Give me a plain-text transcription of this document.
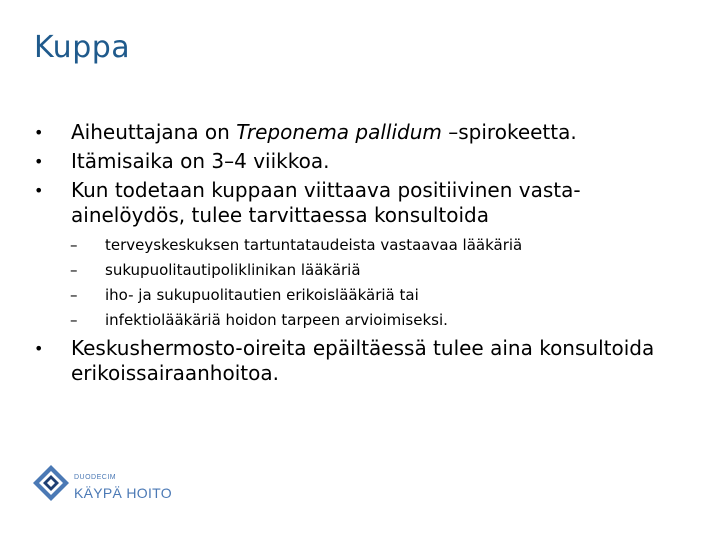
Kuppa
• Aiheuttajana on Treponema pallidum –spirokeetta.
• Itämisaika on 3–4 viikkoa.
• Kun todetaan kuppaan viittaava positiivinen vasta-ainelöydös, tulee tarvittaessa konsultoida
– terveyskeskuksen tartuntataudeista vastaavaa lääkäriä
– sukupuolitautipoliklinikan lääkäriä
– iho- ja sukupuolitautien erikoislääkäriä tai
– infektiolääkäriä hoidon tarpeen arvioimiseksi.
• Keskushermosto-oireita epäiltäessä tulee aina konsultoida erikoissairaanhoitoa.
DUODECIM
KÄYPÄ HOITO
